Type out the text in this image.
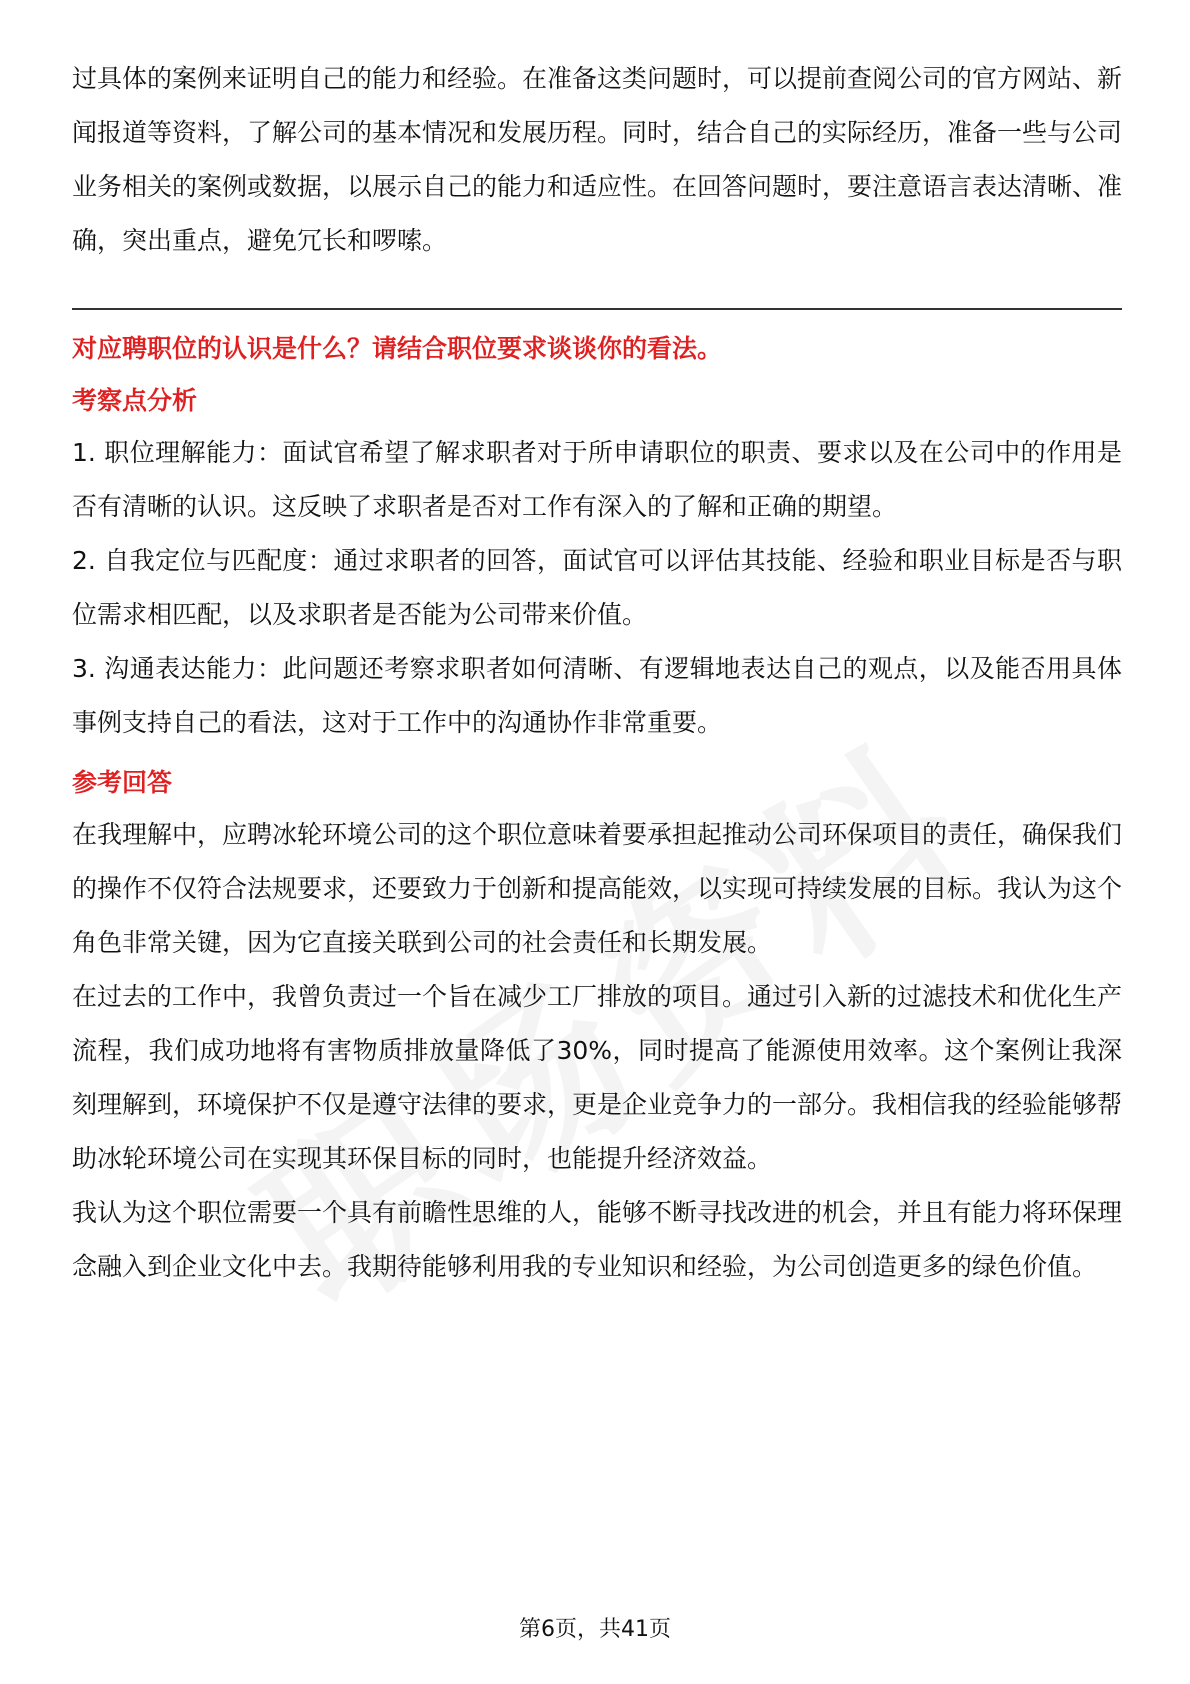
过具体的案例来证明自己的能力和经验。在准备这类问题时，可以提前查阅公司的官方网站、新闻报道等资料，了解公司的基本情况和发展历程。同时，结合自己的实际经历，准备一些与公司业务相关的案例或数据，以展示自己的能力和适应性。在回答问题时，要注意语言表达清晰、准确，突出重点，避免冗长和啰嗦。

对应聘职位的认识是什么？请结合职位要求谈谈你的看法。

考察点分析

1. 职位理解能力：面试官希望了解求职者对于所申请职位的职责、要求以及在公司中的作用是否有清晰的认识。这反映了求职者是否对工作有深入的了解和正确的期望。

2. 自我定位与匹配度：通过求职者的回答，面试官可以评估其技能、经验和职业目标是否与职位需求相匹配，以及求职者是否能为公司带来价值。

3. 沟通表达能力：此问题还考察求职者如何清晰、有逻辑地表达自己的观点，以及能否用具体事例支持自己的看法，这对于工作中的沟通协作非常重要。

参考回答

在我理解中，应聘冰轮环境公司的这个职位意味着要承担起推动公司环保项目的责任，确保我们的操作不仅符合法规要求，还要致力于创新和提高能效，以实现可持续发展的目标。我认为这个角色非常关键，因为它直接关联到公司的社会责任和长期发展。

在过去的工作中，我曾负责过一个旨在减少工厂排放的项目。通过引入新的过滤技术和优化生产流程，我们成功地将有害物质排放量降低了30%，同时提高了能源使用效率。这个案例让我深刻理解到，环境保护不仅是遵守法律的要求，更是企业竞争力的一部分。我相信我的经验能够帮助冰轮环境公司在实现其环保目标的同时，也能提升经济效益。

我认为这个职位需要一个具有前瞻性思维的人，能够不断寻找改进的机会，并且有能力将环保理念融入到企业文化中去。我期待能够利用我的专业知识和经验，为公司创造更多的绿色价值。

第6页，共41页
